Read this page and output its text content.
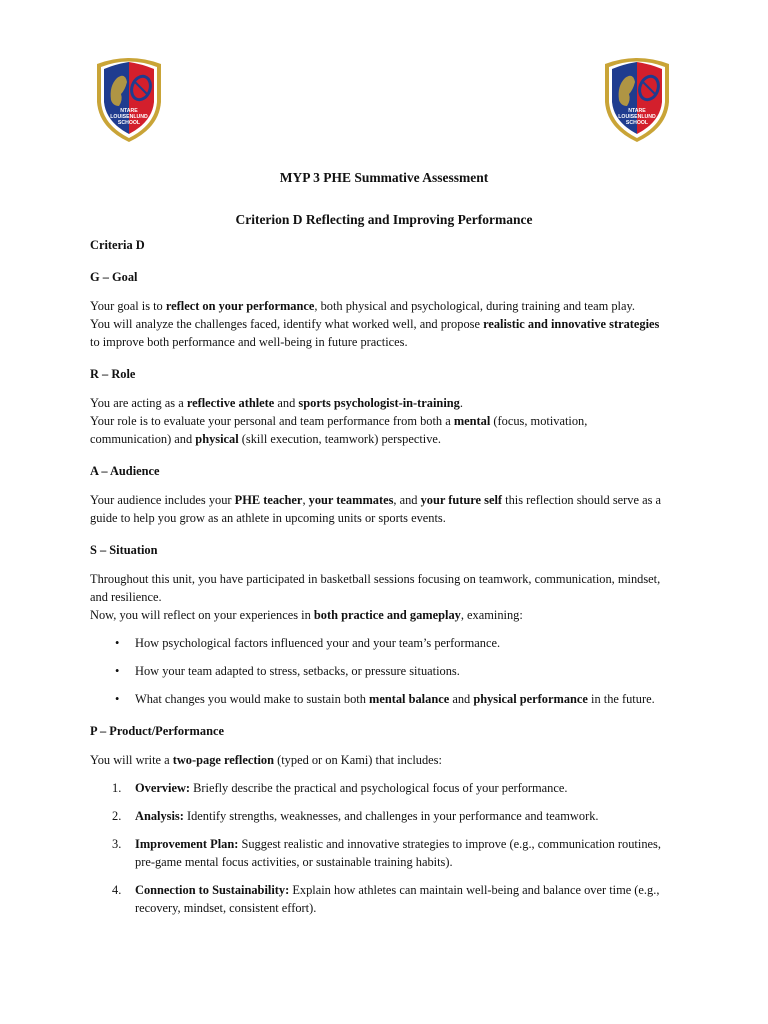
NTARE
LOUISENLUND
SCHOOL
NTARE
LOUISENLUND
SCHOOL
MYP 3 PHE Summative Assessment
Criterion D Reflecting and Improving Performance

Criteria D

G – Goal

Your goal is to reflect on your performance, both physical and psychological, during training and team play.
You will analyze the challenges faced, identify what worked well, and propose realistic and innovative strategies
to improve both performance and well-being in future practices.

R – Role

You are acting as a reflective athlete and sports psychologist-in-training.
Your role is to evaluate your personal and team performance from both a mental (focus, motivation,
communication) and physical (skill execution, teamwork) perspective.

A – Audience

Your audience includes your PHE teacher, your teammates, and your future self this reflection should serve as a
guide to help you grow as an athlete in upcoming units or sports events.

S – Situation

Throughout this unit, you have participated in basketball sessions focusing on teamwork, communication, mindset,
and resilience.
Now, you will reflect on your experiences in both practice and gameplay, examining:

• How psychological factors influenced your and your team’s performance.
• How your team adapted to stress, setbacks, or pressure situations.
• What changes you would make to sustain both mental balance and physical performance in the future.

P – Product/Performance

You will write a two-page reflection (typed or on Kami) that includes:

1. Overview: Briefly describe the practical and psychological focus of your performance.
2. Analysis: Identify strengths, weaknesses, and challenges in your performance and teamwork.
3. Improvement Plan: Suggest realistic and innovative strategies to improve (e.g., communication routines, pre-game mental focus activities, or sustainable training habits).
4. Connection to Sustainability: Explain how athletes can maintain well-being and balance over time (e.g., recovery, mindset, consistent effort).
